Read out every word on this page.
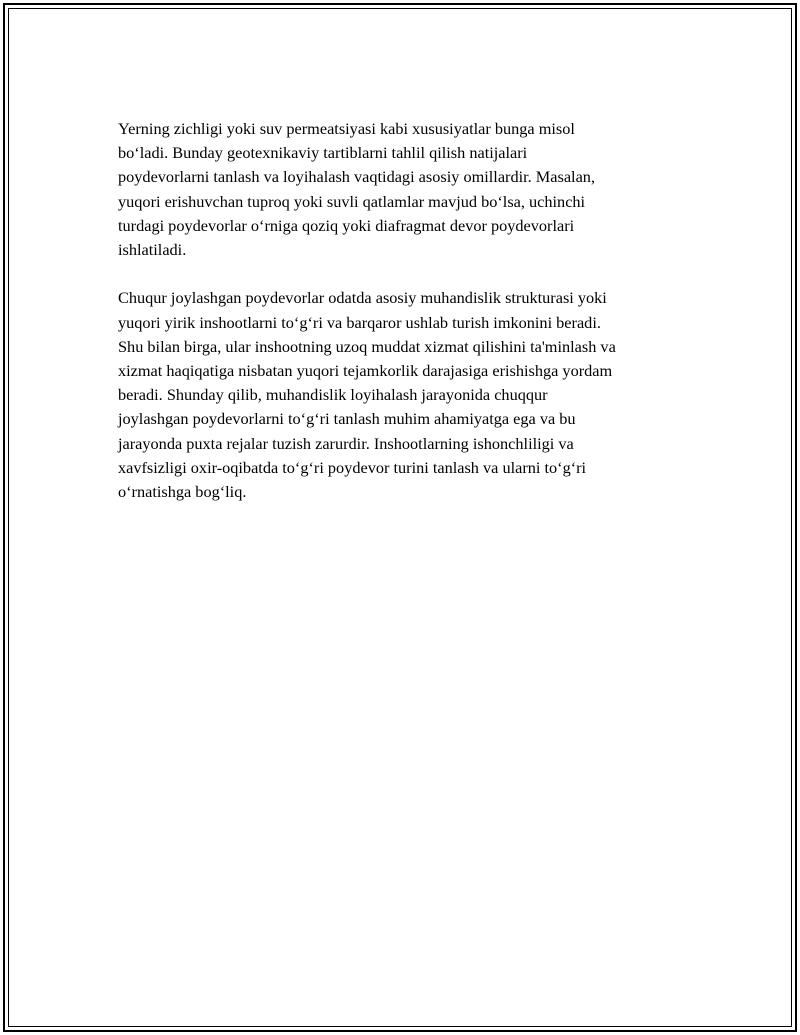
Yerning zichligi yoki suv permeatsiyasi kabi xususiyatlar bunga misol
bo‘ladi. Bunday geotexnikaviy tartiblarni tahlil qilish natijalari
poydevorlarni tanlash va loyihalash vaqtidagi asosiy omillardir. Masalan,
yuqori erishuvchan tuproq yoki suvli qatlamlar mavjud bo‘lsa, uchinchi
turdagi poydevorlar o‘rniga qoziq yoki diafragmat devor poydevorlari
ishlatiladi.

Chuqur joylashgan poydevorlar odatda asosiy muhandislik strukturasi yoki
yuqori yirik inshootlarni to‘g‘ri va barqaror ushlab turish imkonini beradi.
Shu bilan birga, ular inshootning uzoq muddat xizmat qilishini ta'minlash va
xizmat haqiqatiga nisbatan yuqori tejamkorlik darajasiga erishishga yordam
beradi. Shunday qilib, muhandislik loyihalash jarayonida chuqqur
joylashgan poydevorlarni to‘g‘ri tanlash muhim ahamiyatga ega va bu
jarayonda puxta rejalar tuzish zarurdir. Inshootlarning ishonchliligi va
xavfsizligi oxir-oqibatda to‘g‘ri poydevor turini tanlash va ularni to‘g‘ri
o‘rnatishga bog‘liq.
